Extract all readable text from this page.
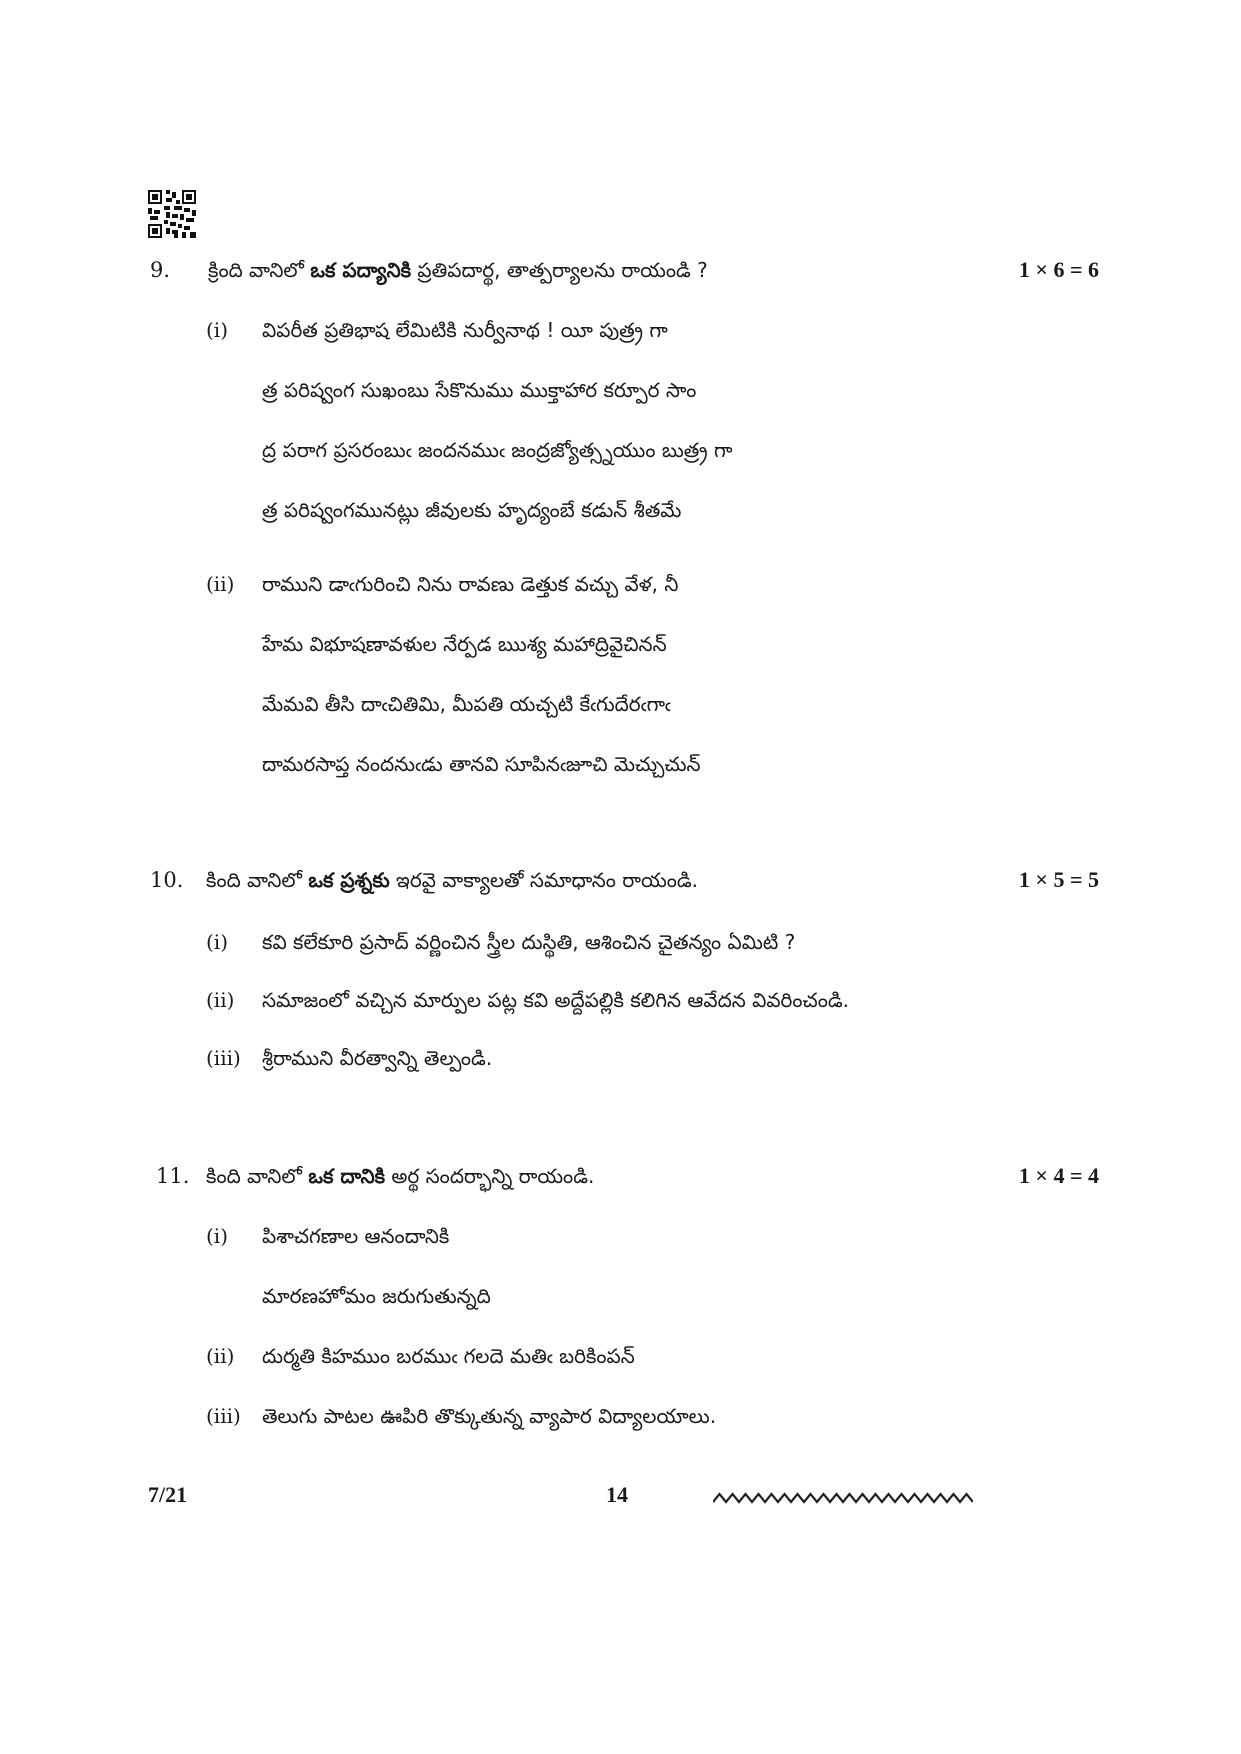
9. క్రింది వానిలో ఒక పద్యానికి ప్రతిపదార్థ, తాత్పర్యాలను రాయండి ?	1 × 6 = 6
(i) విపరీత ప్రతిభాష లేమిటికి నుర్వీనాథ ! యీ పుత్ర్ర గా
త్ర పరిష్వంగ సుఖంబు సేకొనుము ముక్తాహార కర్పూర సాం
ద్ర పరాగ ప్రసరంబుఁ జందనముఁ జంద్రజ్యోత్స్నయుం బుత్ర్ర గా
త్ర పరిష్వంగమునట్లు జీవులకు హృద్యంబే కడున్ శీతమే
(ii) రాముని డాఁగురించి నిను రావణు డెత్తుక వచ్చు వేళ, నీ
హేమ విభూషణావళుల నేర్పడ ఋశ్య మహాద్రివైచినన్
మేమవి తీసి దాఁచితిమి, మీపతి యచ్చటి కేఁగుదేరఁగాఁ
దామరసాప్త నందనుఁడు తానవి సూపినఁజూచి మెచ్చుచున్
10. కింది వానిలో ఒక ప్రశ్నకు ఇరవై వాక్యాలతో సమాధానం రాయండి.	1 × 5 = 5
(i) కవి కలేకూరి ప్రసాద్ వర్ణించిన స్త్రీల దుస్థితి, ఆశించిన చైతన్యం ఏమిటి ?
(ii) సమాజంలో వచ్చిన మార్పుల పట్ల కవి అద్దేపల్లికి కలిగిన ఆవేదన వివరించండి.
(iii) శ్రీరాముని వీరత్వాన్ని తెల్పండి.
11. కింది వానిలో ఒక దానికి అర్థ సందర్భాన్ని రాయండి.	1 × 4 = 4
(i) పిశాచగణాల ఆనందానికి
మారణహోమం జరుగుతున్నది
(ii) దుర్మతి కిహముం బరముఁ గలదె మతిఁ బరికింపన్
(iii) తెలుగు పాటల ఊపిరి తొక్కుతున్న వ్యాపార విద్యాలయాలు.
7/21	14
